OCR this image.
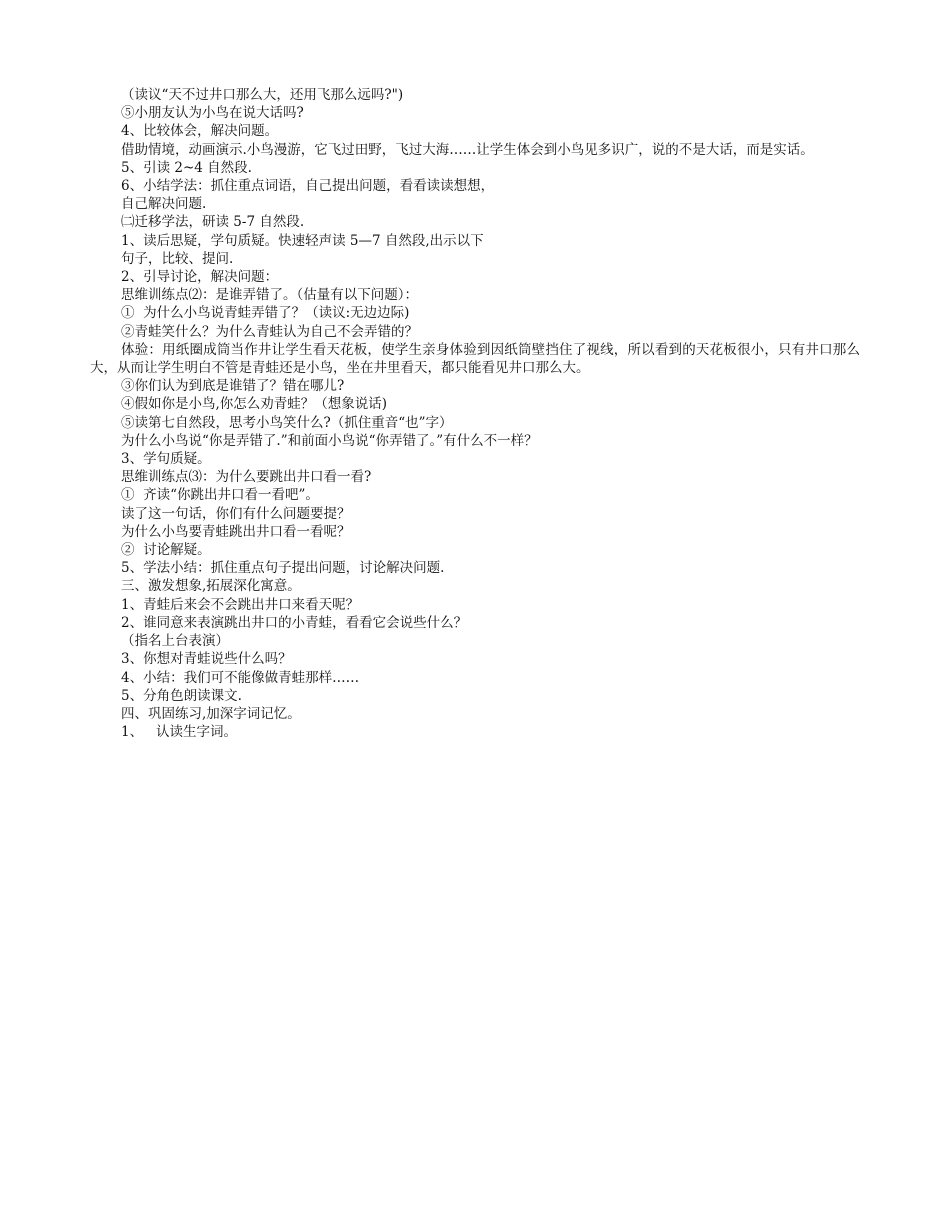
（读议“天不过井口那么大，还用飞那么远吗?")

⑤小朋友认为小鸟在说大话吗?

4、比较体会，解决问题。

借助情境，动画演示.小鸟漫游，它飞过田野，飞过大海……让学生体会到小鸟见多识广，说的不是大话，而是实话。

5、引读 2~4 自然段.

6、小结学法：抓住重点词语，自己提出问题，看看读读想想，

自己解决问题.

㈡迁移学法，研读 5-7 自然段.

1、读后思疑，学句质疑。快速轻声读 5—7 自然段,出示以下

句子，比较、提问.

2、引导讨论，解决问题：

思维训练点⑵：是谁弄错了。（估量有以下问题）：

①  为什么小鸟说青蛙弄错了？（读议:无边边际)

②青蛙笑什么？为什么青蛙认为自己不会弄错的？

体验：用纸圈成筒当作井让学生看天花板，使学生亲身体验到因纸筒壁挡住了视线，所以看到的天花板很小，只有井口那么大，从而让学生明白不管是青蛙还是小鸟，坐在井里看天，都只能看见井口那么大。

③你们认为到底是谁错了？错在哪儿?

④假如你是小鸟,你怎么劝青蛙？（想象说话)

⑤读第七自然段，思考小鸟笑什么?（抓住重音“也”字）

为什么小鸟说“你是弄错了.”和前面小鸟说“你弄错了。”有什么不一样？

3、学句质疑。

思维训练点⑶：为什么要跳出井口看一看?

①  齐读“你跳出井口看一看吧”。

读了这一句话，你们有什么问题要提？

为什么小鸟要青蛙跳出井口看一看呢？

②  讨论解疑。

5、学法小结：抓住重点句子提出问题，讨论解决问题.

三、激发想象,拓展深化寓意。

1、青蛙后来会不会跳出井口来看天呢？

2、谁同意来表演跳出井口的小青蛙，看看它会说些什么？

（指名上台表演）

3、你想对青蛙说些什么吗？

4、小结：我们可不能像做青蛙那样……

5、分角色朗读课文.

四、巩固练习,加深字词记忆。

1、   认读生字词。
